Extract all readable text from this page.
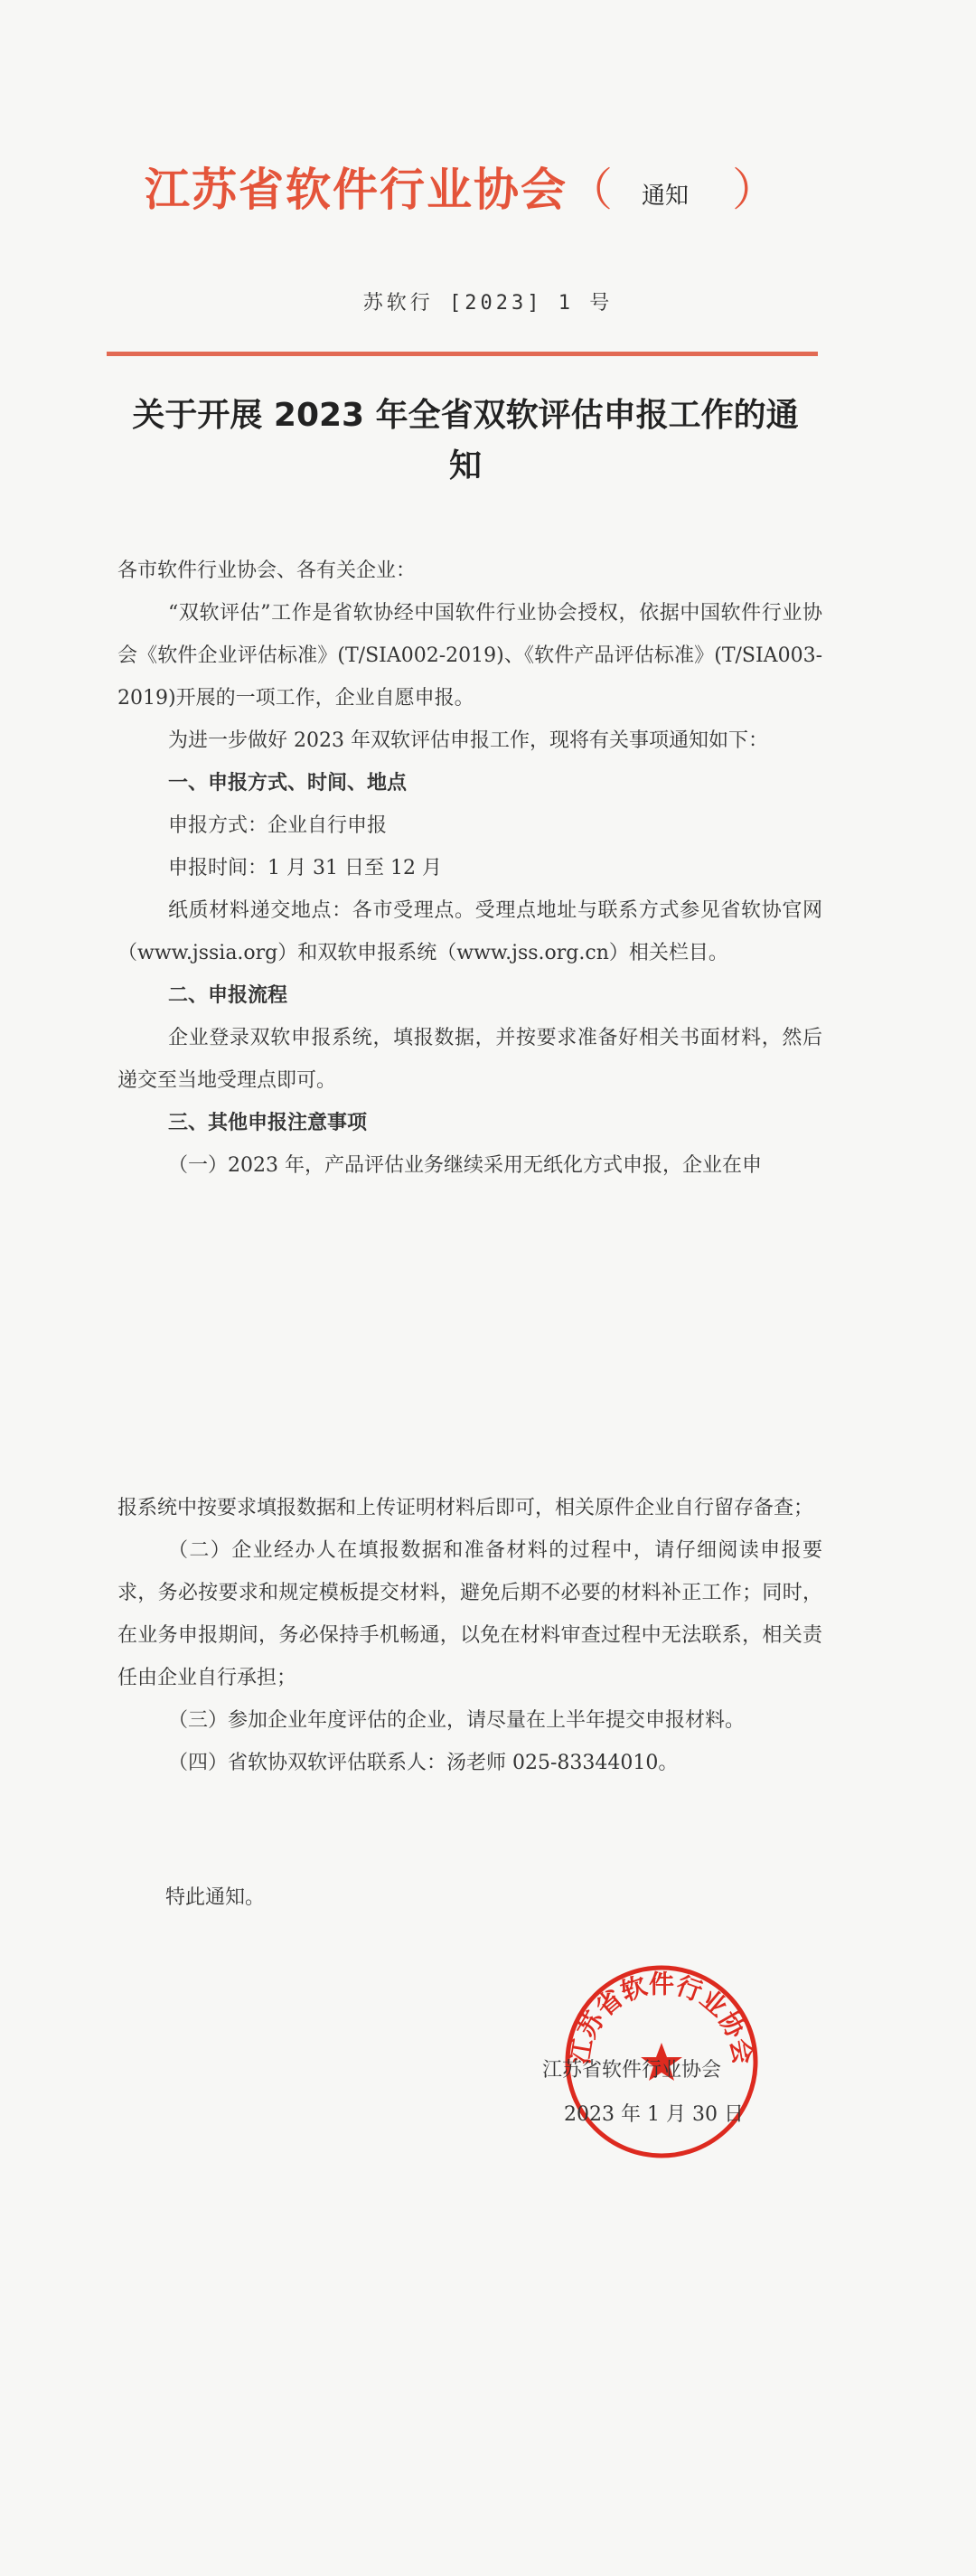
江苏省软件行业协会（ 通知 ）
苏软行 [2023] 1 号
关于开展 2023 年全省双软评估申报工作的通知

各市软件行业协会、各有关企业：

“双软评估”工作是省软协经中国软件行业协会授权，依据中国软件行业协会《软件企业评估标准》(T/SIA002-2019)、《软件产品评估标准》(T/SIA003-2019)开展的一项工作，企业自愿申报。

为进一步做好 2023 年双软评估申报工作，现将有关事项通知如下：

一、申报方式、时间、地点

申报方式：企业自行申报

申报时间：1 月 31 日至 12 月

纸质材料递交地点：各市受理点。受理点地址与联系方式参见省软协官网（www.jssia.org）和双软申报系统（www.jss.org.cn）相关栏目。

二、申报流程

企业登录双软申报系统，填报数据，并按要求准备好相关书面材料，然后递交至当地受理点即可。

三、其他申报注意事项

（一）2023 年，产品评估业务继续采用无纸化方式申报，企业在申

报系统中按要求填报数据和上传证明材料后即可，相关原件企业自行留存备查；

（二）企业经办人在填报数据和准备材料的过程中，请仔细阅读申报要求，务必按要求和规定模板提交材料，避免后期不必要的材料补正工作；同时，在业务申报期间，务必保持手机畅通，以免在材料审查过程中无法联系，相关责任由企业自行承担；

（三）参加企业年度评估的企业，请尽量在上半年提交申报材料。

（四）省软协双软评估联系人：汤老师 025-83344010。

特此通知。
江苏省软件行业协会
江苏省软件行业协会
2023 年 1 月 30 日
